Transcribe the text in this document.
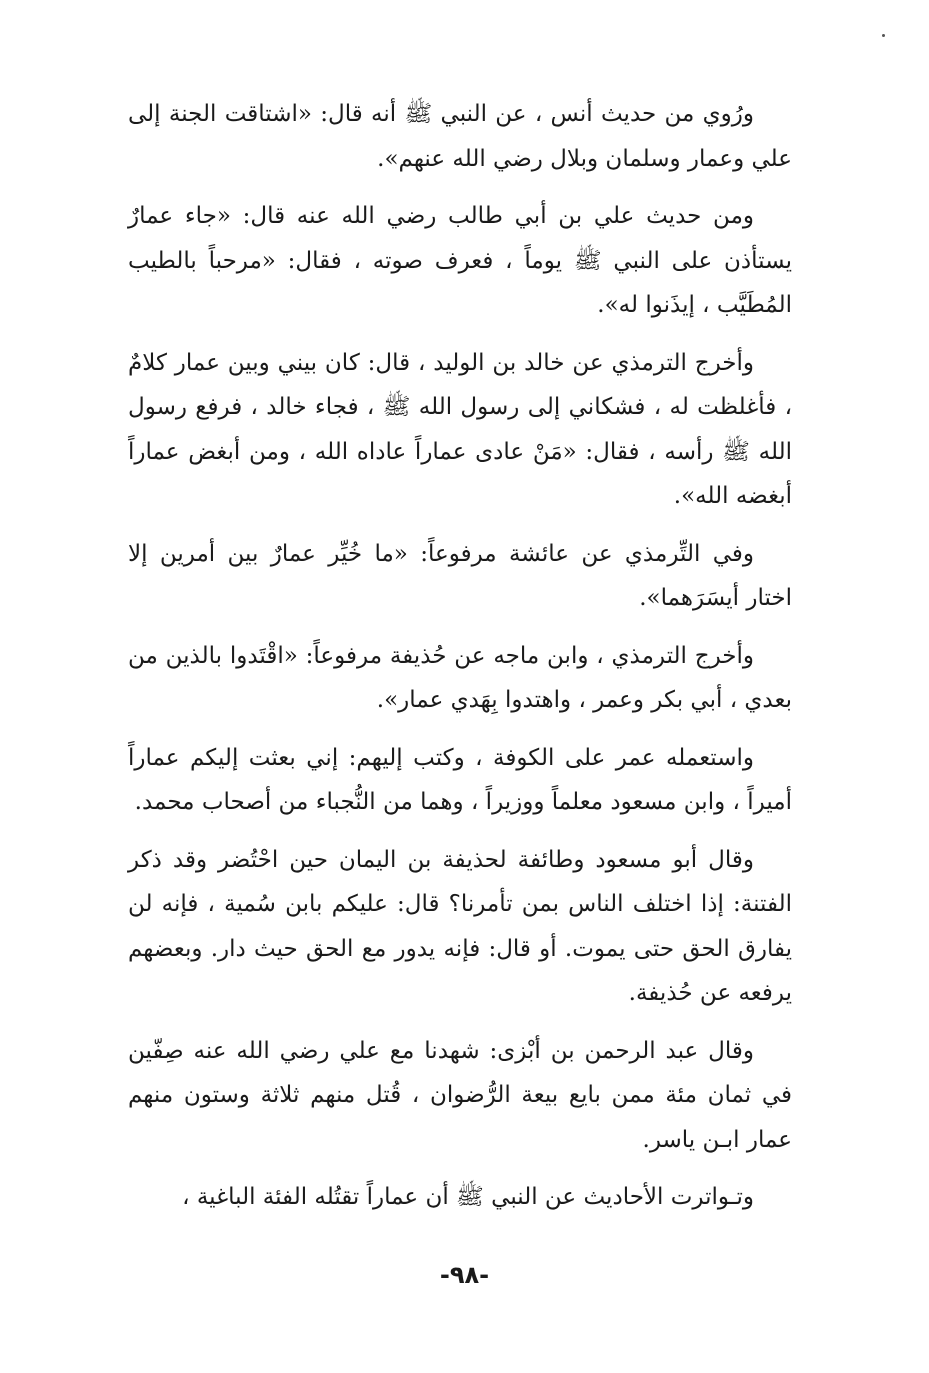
ورُوي من حديث أنس ، عن النبي ﷺ أنه قال: «اشتاقت الجنة إلى علي وعمار وسلمان وبلال رضي الله عنهم».

ومن حديث علي بن أبي طالب رضي الله عنه قال: «جاء عمارٌ يستأذن على النبي ﷺ يوماً ، فعرف صوته ، فقال: «مرحباً بالطيب المُطَيَّب ، إيذَنوا له».

وأخرج الترمذي عن خالد بن الوليد ، قال: كان بيني وبين عمار كلامٌ ، فأغلظت له ، فشكاني إلى رسول الله ﷺ ، فجاء خالد ، فرفع رسول الله ﷺ رأسه ، فقال: «مَنْ عادى عماراً عاداه الله ، ومن أبغض عماراً أبغضه الله».

وفي التِّرمذي عن عائشة مرفوعاً: «ما خُيِّر عمارٌ بين أمرين إلا اختار أيسَرَهما».

وأخرج الترمذي ، وابن ماجه عن حُذيفة مرفوعاً: «اقْتَدوا بالذين من بعدي ، أبي بكر وعمر ، واهتدوا بِهَدي عمار».

واستعمله عمر على الكوفة ، وكتب إليهم: إني بعثت إليكم عماراً أميراً ، وابن مسعود معلماً ووزيراً ، وهما من النُّجباء من أصحاب محمد.

وقال أبو مسعود وطائفة لحذيفة بن اليمان حين احْتُضر وقد ذكر الفتنة: إذا اختلف الناس بمن تأمرنا؟ قال: عليكم بابن سُمية ، فإنه لن يفارق الحق حتى يموت. أو قال: فإنه يدور مع الحق حيث دار. وبعضهم يرفعه عن حُذيفة.

وقال عبد الرحمن بن أبْزى: شهدنا مع علي رضي الله عنه صِفّين في ثمان مئة ممن بايع بيعة الرُّضوان ، قُتل منهم ثلاثة وستون منهم عمار ابـن ياسر.

وتـواترت الأحاديث عن النبي ﷺ أن عماراً تقتُله الفئة الباغية ،

-٩٨-
